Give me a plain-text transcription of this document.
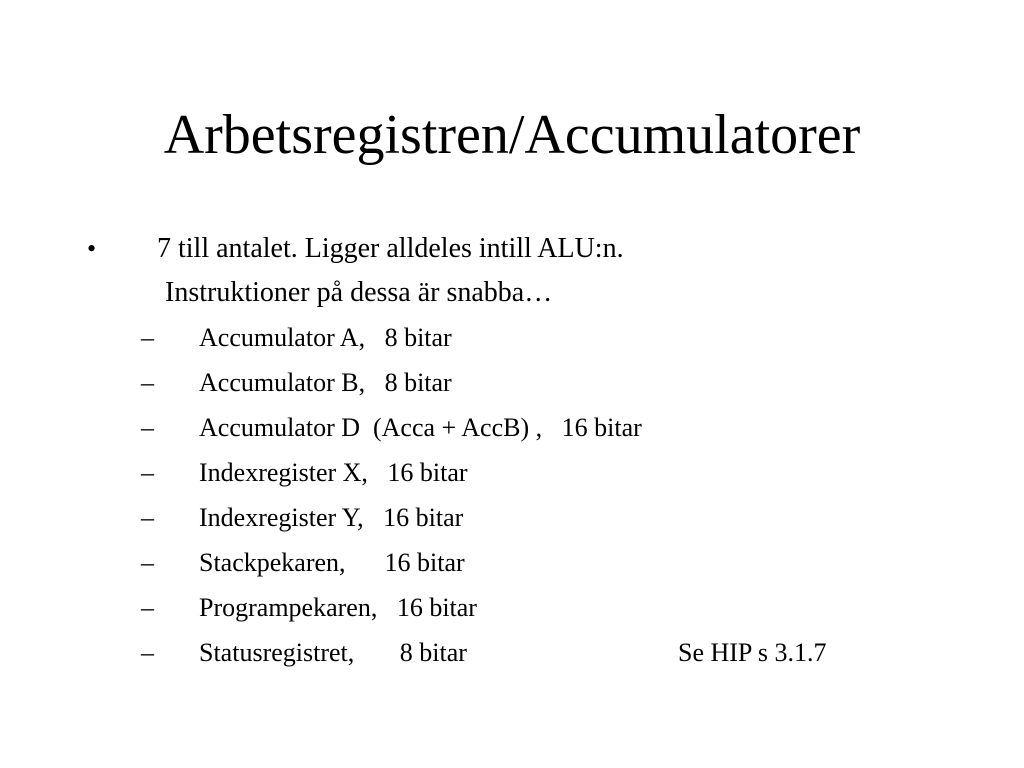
Arbetsregistren/Accumulatorer
• 7 till antalet. Ligger alldeles intill ALU:n.
Instruktioner på dessa är snabba…
– Accumulator A,   8 bitar
– Accumulator B,   8 bitar
– Accumulator D  (Acca + AccB) ,   16 bitar
– Indexregister X,   16 bitar
– Indexregister Y,   16 bitar
– Stackpekaren,      16 bitar
– Programpekaren,   16 bitar
– Statusregistret,       8 bitar	Se HIP s 3.1.7
